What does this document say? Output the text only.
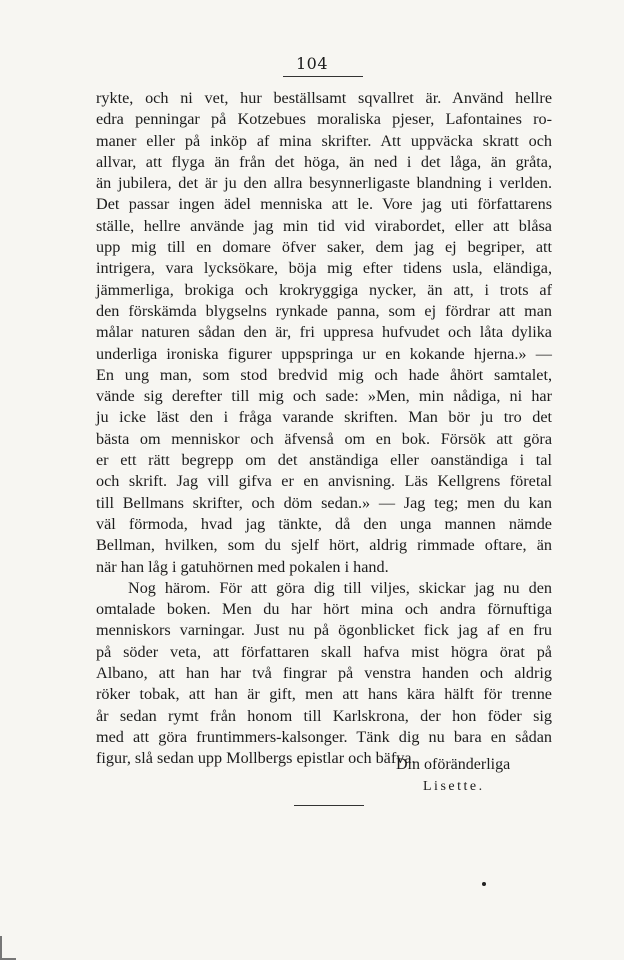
104
rykte, och ni vet, hur beställsamt sqvallret är. Använd hellre
edra penningar på Kotzebues moraliska pjeser, Lafontaines ro-
maner eller på inköp af mina skrifter. Att uppväcka skratt och
allvar, att flyga än från det höga, än ned i det låga, än gråta,
än jubilera, det är ju den allra besynnerligaste blandning i verlden.
Det passar ingen ädel menniska att le. Vore jag uti författarens
ställe, hellre använde jag min tid vid virabordet, eller att blåsa
upp mig till en domare öfver saker, dem jag ej begriper, att
intrigera, vara lycksökare, böja mig efter tidens usla, eländiga,
jämmerliga, brokiga och krokryggiga nycker, än att, i trots af
den förskämda blygselns rynkade panna, som ej fördrar att man
målar naturen sådan den är, fri uppresa hufvudet och låta dylika
underliga ironiska figurer uppspringa ur en kokande hjerna.» —
En ung man, som stod bredvid mig och hade åhört samtalet,
vände sig derefter till mig och sade: »Men, min nådiga, ni har
ju icke läst den i fråga varande skriften. Man bör ju tro det
bästa om menniskor och äfvenså om en bok. Försök att göra
er ett rätt begrepp om det anständiga eller oanständiga i tal
och skrift. Jag vill gifva er en anvisning. Läs Kellgrens företal
till Bellmans skrifter, och döm sedan.» — Jag teg; men du kan
väl förmoda, hvad jag tänkte, då den unga mannen nämde
Bellman, hvilken, som du sjelf hört, aldrig rimmade oftare, än
när han låg i gatuhörnen med pokalen i hand.
Nog härom. För att göra dig till viljes, skickar jag nu den
omtalade boken. Men du har hört mina och andra förnuftiga
menniskors varningar. Just nu på ögonblicket fick jag af en fru
på söder veta, att författaren skall hafva mist högra örat på
Albano, att han har två fingrar på venstra handen och aldrig
röker tobak, att han är gift, men att hans kära hälft för trenne
år sedan rymt från honom till Karlskrona, der hon föder sig
med att göra fruntimmers-kalsonger. Tänk dig nu bara en sådan
figur, slå sedan upp Mollbergs epistlar och bäfva.
Din oföränderliga
Lisette.
